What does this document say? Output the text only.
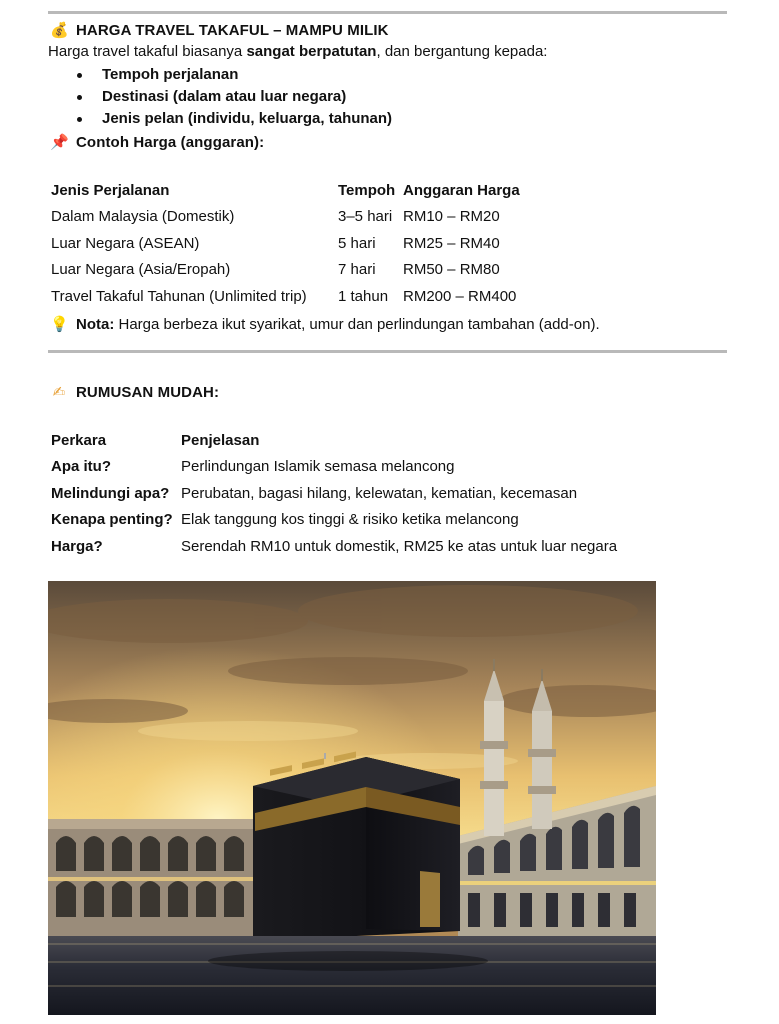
💰 HARGA TRAVEL TAKAFUL – MAMPU MILIK
Harga travel takaful biasanya sangat berpatutan, dan bergantung kepada:
Tempoh perjalanan
Destinasi (dalam atau luar negara)
Jenis pelan (individu, keluarga, tahunan)
📌 Contoh Harga (anggaran):
Jenis Perjalanan	Tempoh	Anggaran Harga
Dalam Malaysia (Domestik)	3–5 hari	RM10 – RM20
Luar Negara (ASEAN)	5 hari	RM25 – RM40
Luar Negara (Asia/Eropah)	7 hari	RM50 – RM80
Travel Takaful Tahunan (Unlimited trip)	1 tahun	RM200 – RM400
💡 Nota: Harga berbeza ikut syarikat, umur dan perlindungan tambahan (add-on).
✍ RUMUSAN MUDAH:
Perkara	Penjelasan
Apa itu?	Perlindungan Islamik semasa melancong
Melindungi apa?	Perubatan, bagasi hilang, kelewatan, kematian, kecemasan
Kenapa penting?	Elak tanggung kos tinggi & risiko ketika melancong
Harga?	Serendah RM10 untuk domestik, RM25 ke atas untuk luar negara
